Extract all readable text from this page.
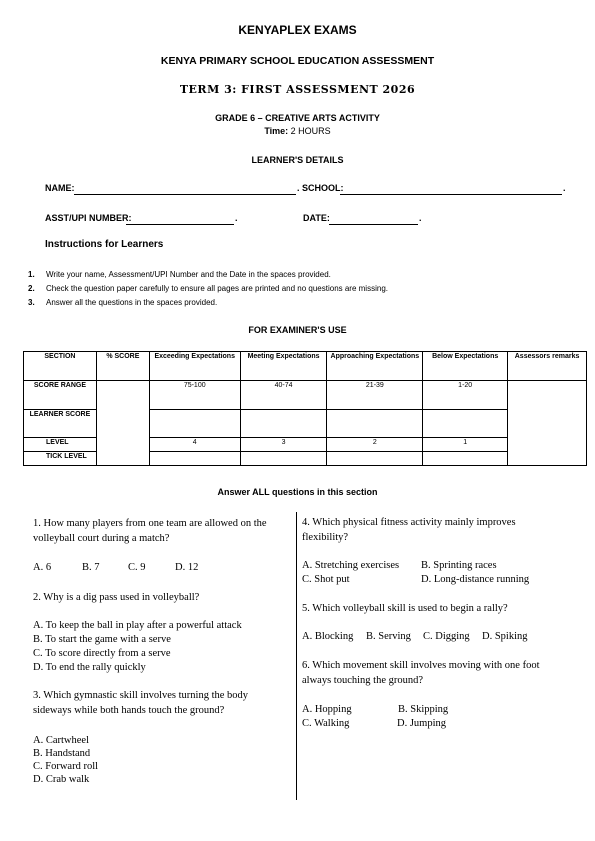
KENYAPLEX EXAMS
KENYA PRIMARY SCHOOL EDUCATION ASSESSMENT
TERM 3: FIRST ASSESSMENT 2026
GRADE 6 – CREATIVE ARTS ACTIVITY
Time: 2 HOURS
LEARNER'S DETAILS
NAME:	. SCHOOL:	.
ASST/UPI NUMBER:	.	DATE:	.
Instructions for Learners
1. Write your name, Assessment/UPI Number and the Date in the spaces provided.
2. Check the question paper carefully to ensure all pages are printed and no questions are missing.
3. Answer all the questions in the spaces provided.
FOR EXAMINER'S USE
SECTION	% SCORE	Exceeding Expectations	Meeting Expectations	Approaching Expectations	Below Expectations	Assessors remarks
SCORE RANGE		75-100	40-74	21-39	1-20	
LEARNER SCORE						
LEVEL		4	3	2	1	
TICK LEVEL						
Answer ALL questions in this section
1. How many players from one team are allowed on the volleyball court during a match?
A. 6	B. 7	C. 9	D. 12
2. Why is a dig pass used in volleyball?
A. To keep the ball in play after a powerful attack
B. To start the game with a serve
C. To score directly from a serve
D. To end the rally quickly
3. Which gymnastic skill involves turning the body sideways while both hands touch the ground?
A. Cartwheel
B. Handstand
C. Forward roll
D. Crab walk
4. Which physical fitness activity mainly improves flexibility?
A. Stretching exercises B. Sprinting races
C. Shot put	D. Long-distance running
5. Which volleyball skill is used to begin a rally?
A. Blocking B. Serving C. Digging D. Spiking
6. Which movement skill involves moving with one foot always touching the ground?
A. Hopping	B. Skipping
C. Walking	D. Jumping
